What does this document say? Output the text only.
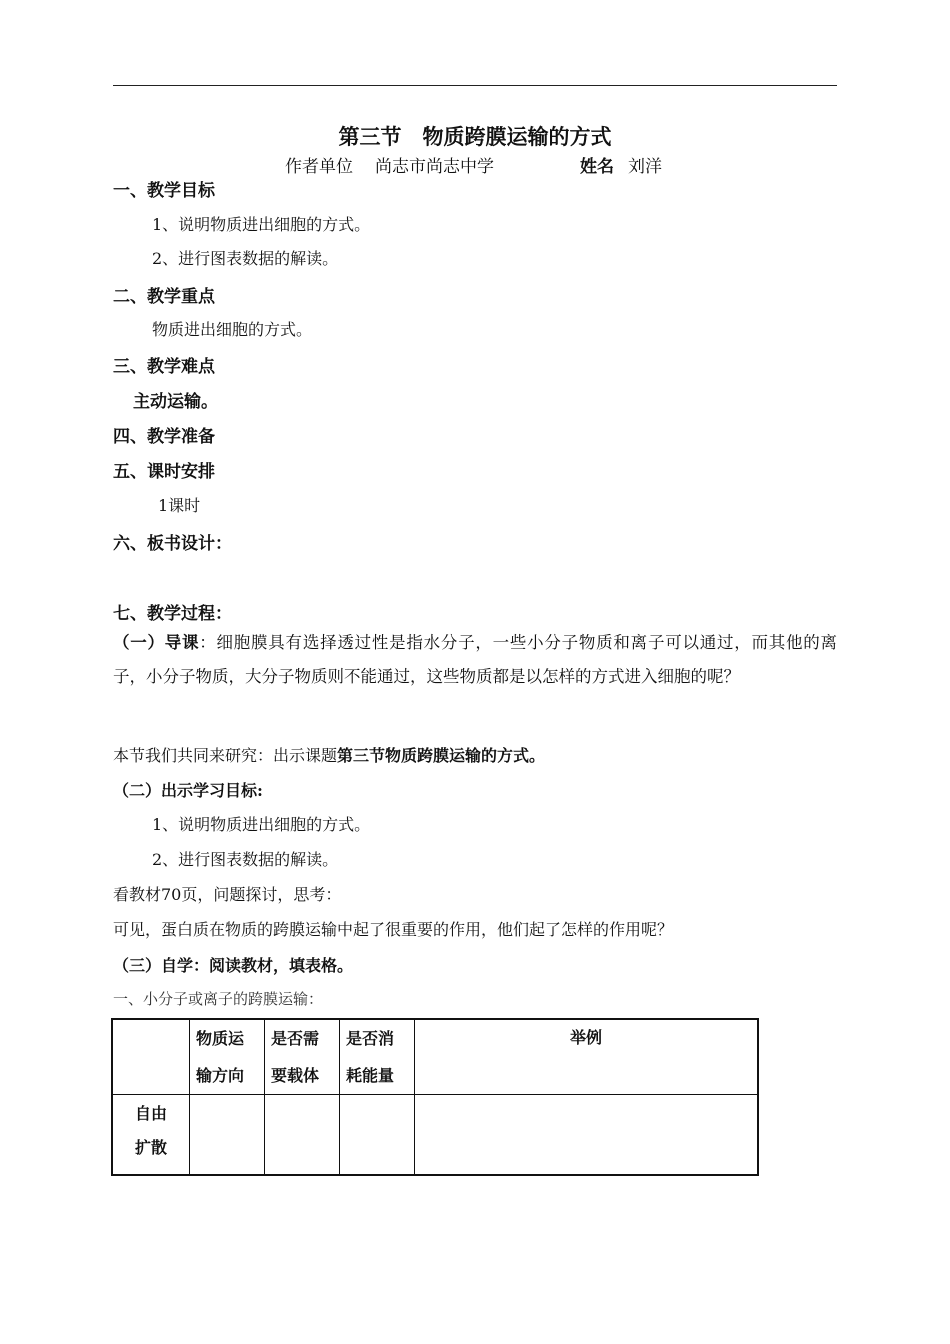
第三节　物质跨膜运输的方式
作者单位 尚志市尚志中学	姓名 刘洋
一、教学目标
1、说明物质进出细胞的方式。
2、进行图表数据的解读。
二、教学重点
物质进出细胞的方式。
三、教学难点
主动运输。
四、教学准备
五、课时安排
1课时
六、板书设计：
七、教学过程：
（一）导课：细胞膜具有选择透过性是指水分子，一些小分子物质和离子可以通过，而其他的离子，小分子物质，大分子物质则不能通过，这些物质都是以怎样的方式进入细胞的呢？
本节我们共同来研究：出示课题第三节物质跨膜运输的方式。
（二）出示学习目标:
1、说明物质进出细胞的方式。
2、进行图表数据的解读。
看教材70页，问题探讨，思考：
可见，蛋白质在物质的跨膜运输中起了很重要的作用，他们起了怎样的作用呢？
（三）自学：阅读教材，填表格。
一、小分子或离子的跨膜运输：
	物质运输方向	是否需要载体	是否消耗能量	举例
自由扩散				
